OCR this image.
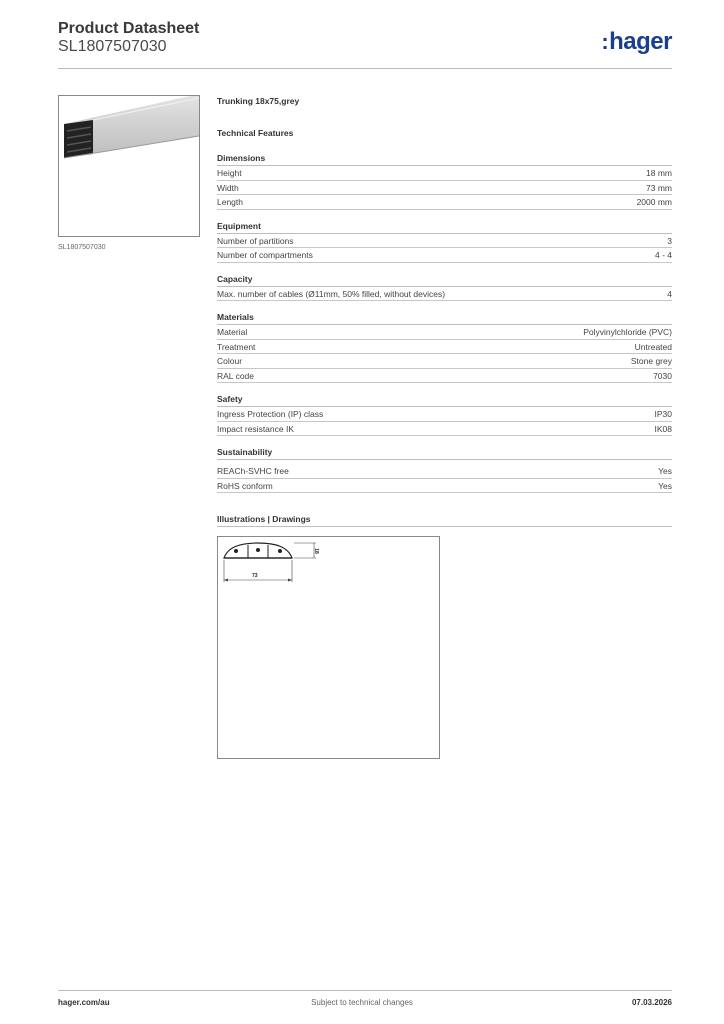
Product Datasheet
SL1807507030	:hager
SL1807507030
Trunking 18x75,grey
Technical Features
Dimensions
Height	18 mm
Width	73 mm
Length	2000 mm
Equipment
Number of partitions	3
Number of compartments	4 - 4
Capacity
Max. number of cables (Ø11mm, 50% filled, without devices)	4
Materials
Material	Polyvinylchloride (PVC)
Treatment	Untreated
Colour	Stone grey
RAL code	7030
Safety
Ingress Protection (IP) class	IP30
Impact resistance IK	IK08
Sustainability
REACh-SVHC free	Yes
RoHS conform	Yes
Illustrations | Drawings
73
18
hager.com/au	Subject to technical changes	07.03.2026
